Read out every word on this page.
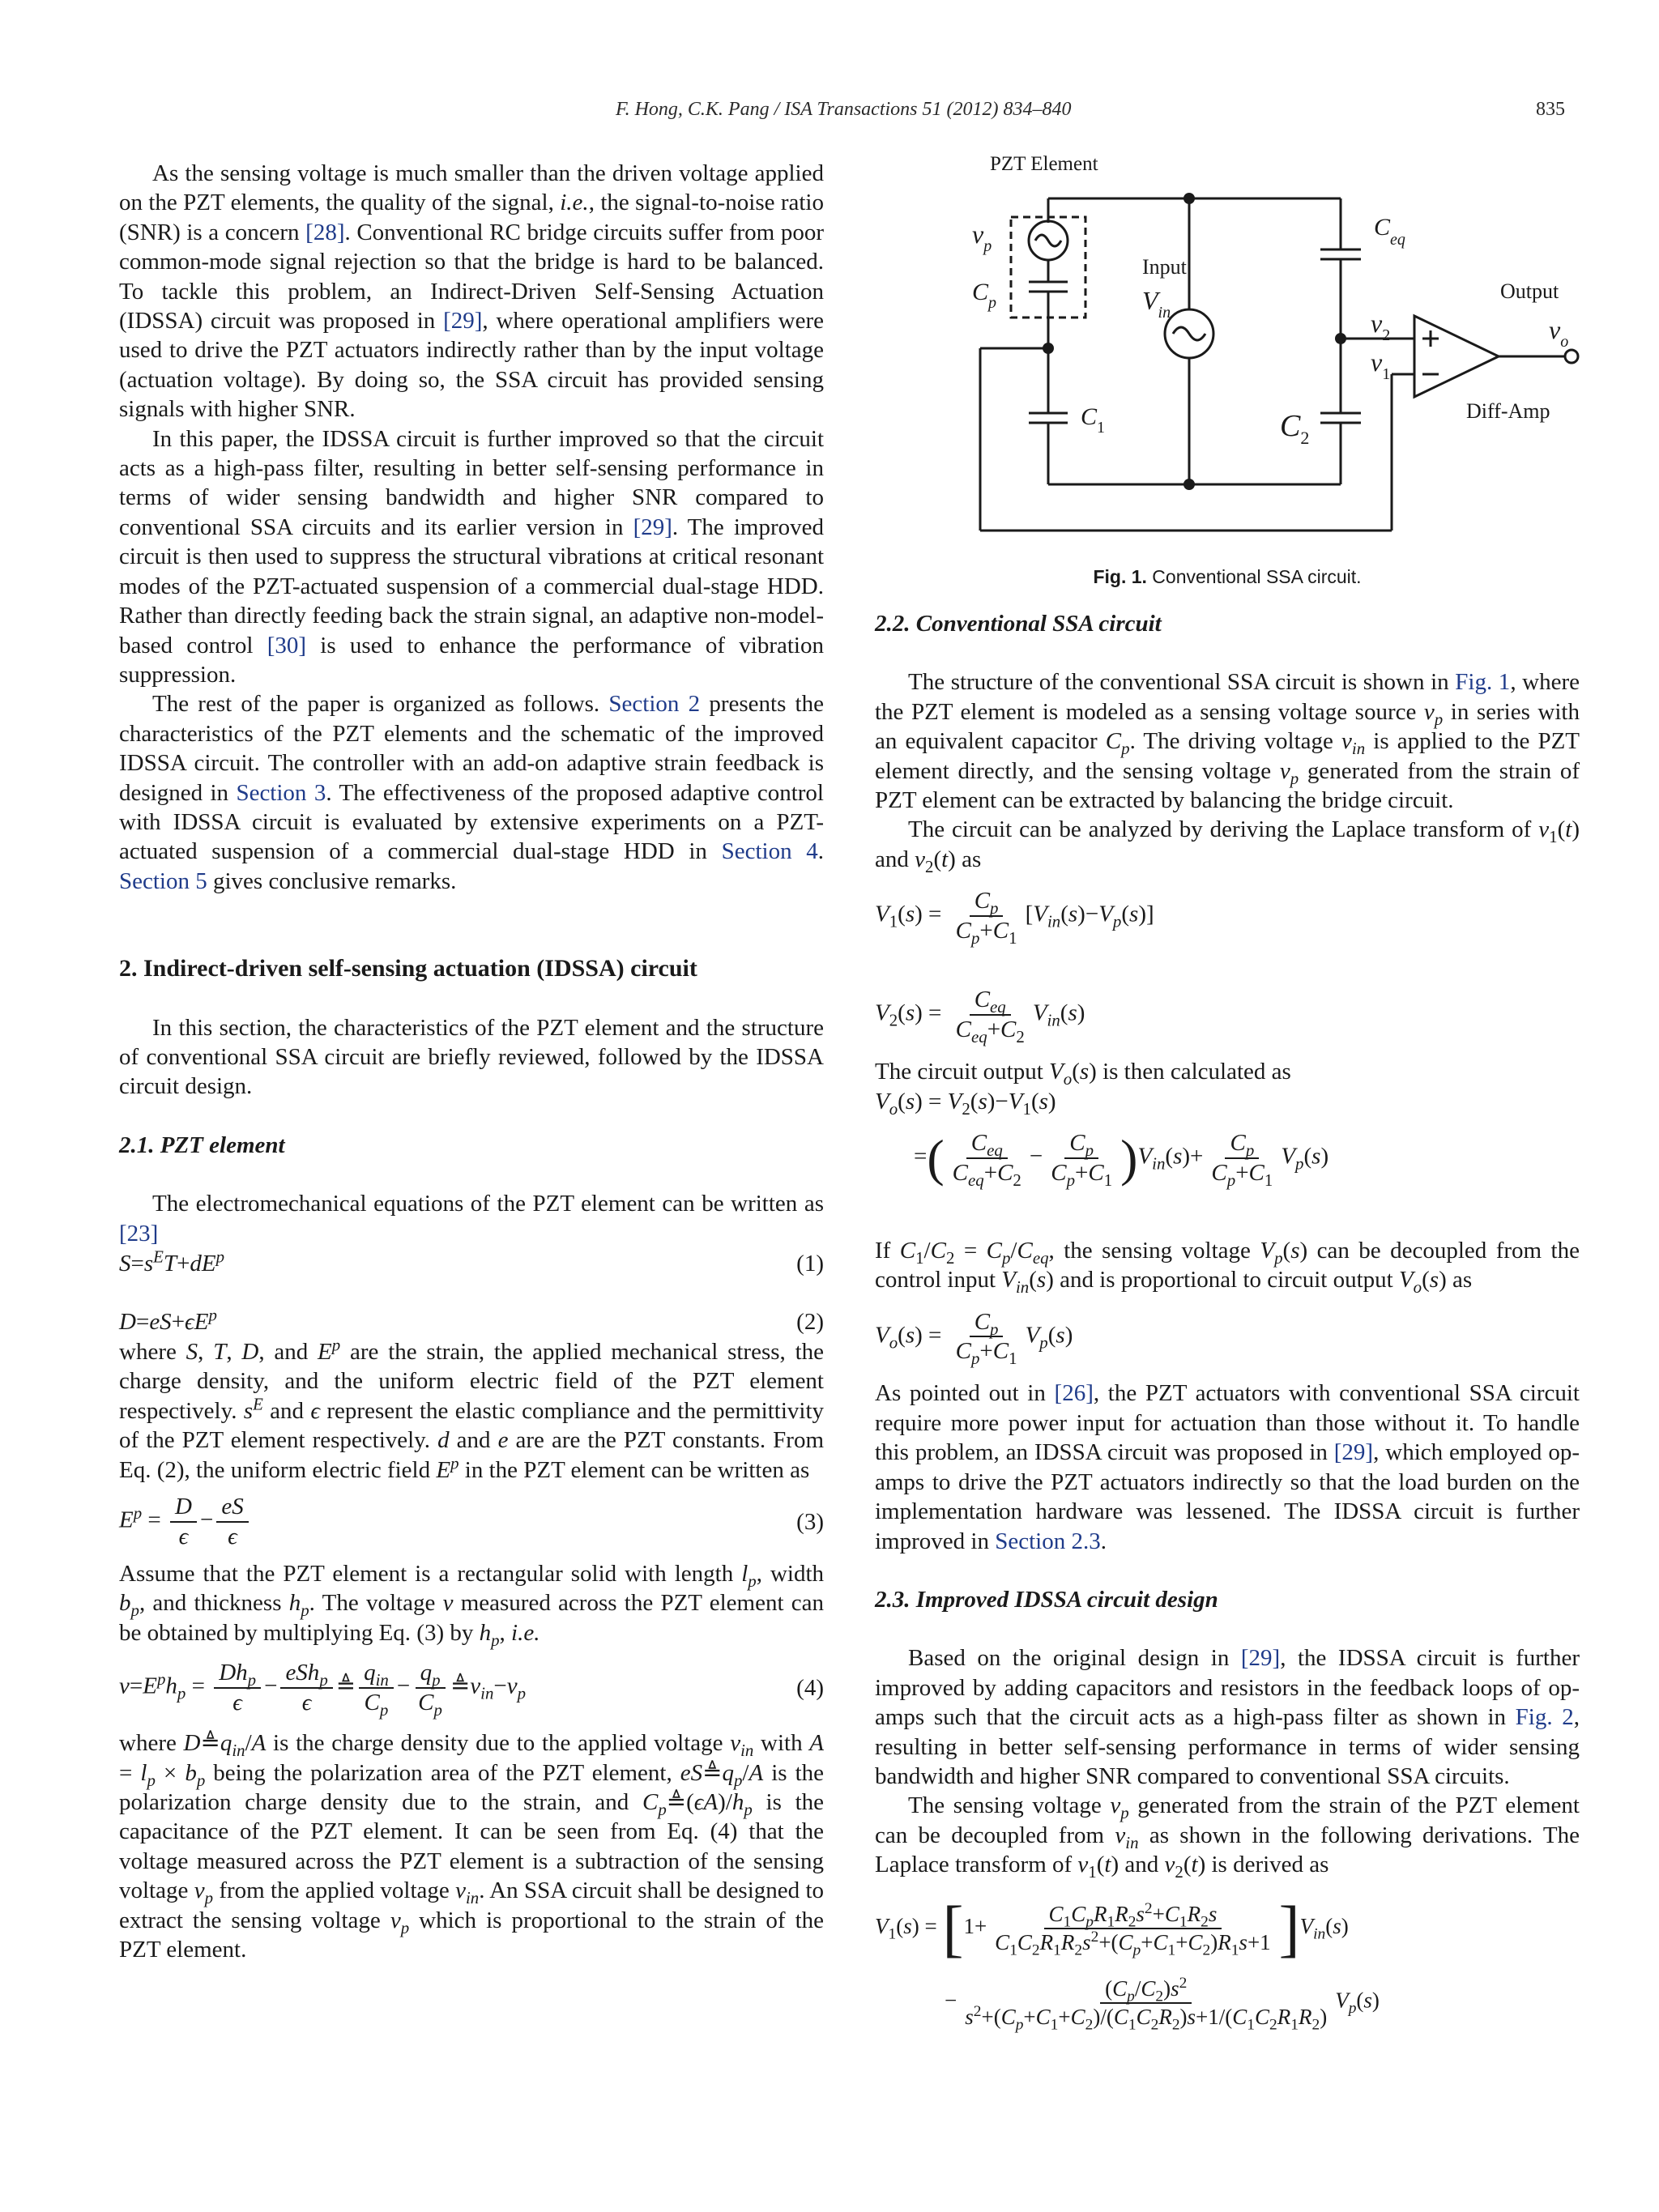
F. Hong, C.K. Pang / ISA Transactions 51 (2012) 834–840	835

As the sensing voltage is much smaller than the driven voltage applied on the PZT elements, the quality of the signal, i.e., the signal-to-noise ratio (SNR) is a concern [28]. Conventional RC bridge circuits suffer from poor common-mode signal rejection so that the bridge is hard to be balanced. To tackle this problem, an Indirect-Driven Self-Sensing Actuation (IDSSA) circuit was proposed in [29], where operational amplifiers were used to drive the PZT actuators indirectly rather than by the input voltage (actuation voltage). By doing so, the SSA circuit has provided sensing signals with higher SNR.

In this paper, the IDSSA circuit is further improved so that the circuit acts as a high-pass filter, resulting in better self-sensing performance in terms of wider sensing bandwidth and higher SNR compared to conventional SSA circuits and its earlier version in [29]. The improved circuit is then used to suppress the structural vibrations at critical resonant modes of the PZT-actuated suspension of a commercial dual-stage HDD. Rather than directly feeding back the strain signal, an adaptive non-model-based control [30] is used to enhance the performance of vibration suppression.

The rest of the paper is organized as follows. Section 2 presents the characteristics of the PZT elements and the schematic of the improved IDSSA circuit. The controller with an add-on adaptive strain feedback is designed in Section 3. The effectiveness of the proposed adaptive control with IDSSA circuit is evaluated by extensive experiments on a PZT-actuated suspension of a commercial dual-stage HDD in Section 4. Section 5 gives conclusive remarks.

2. Indirect-driven self-sensing actuation (IDSSA) circuit

In this section, the characteristics of the PZT element and the structure of conventional SSA circuit are briefly reviewed, followed by the IDSSA circuit design.

2.1. PZT element

The electromechanical equations of the PZT element can be written as [23]

$S=s^ET+dE^p$	(1)
$D=eS+\epsilon E^p$	(2)

where S, T, D, and $E^p$ are the strain, the applied mechanical stress, the charge density, and the uniform electric field of the PZT element respectively. $s^E$ and ϵ represent the elastic compliance and the permittivity of the PZT element respectively. d and e are are the PZT constants. From Eq. (2), the uniform electric field $E^p$ in the PZT element can be written as

$E^p = \frac{D}{\epsilon} - \frac{eS}{\epsilon}$	(3)

Assume that the PZT element is a rectangular solid with length $l_p$, width $b_p$, and thickness $h_p$. The voltage v measured across the PZT element can be obtained by multiplying Eq. (3) by $h_p$, i.e.

$v=E^ph_p = \frac{Dh_p}{\epsilon} - \frac{eSh_p}{\epsilon}$ ≜ $\frac{q_{in}}{C_p} - \frac{q_p}{C_p}$ $≜v_{in}-v_p$	(4)

where $D≜q_{in}/A$ is the charge density due to the applied voltage $v_{in}$ with $A = l_p \times b_p$ being the polarization area of the PZT element, $eS≜q_p/A$ is the polarization charge density due to the strain, and $C_p≜(\epsilon A)/h_p$ is the capacitance of the PZT element. It can be seen from Eq. (4) that the voltage measured across the PZT element is a subtraction of the sensing voltage $v_p$ from the applied voltage $v_{in}$. An SSA circuit shall be designed to extract the sensing voltage $v_p$ which is proportional to the strain of the PZT element.

PZT Element
Input
Output
Diff-Amp
$v_p$
$C_p$	$V_{in}$
$C_1$	$C_2$
$C_{eq}$
$v_2$
$v_1$
$v_o$
Fig. 1. Conventional SSA circuit.
2.2. Conventional SSA circuit

The structure of the conventional SSA circuit is shown in Fig. 1, where the PZT element is modeled as a sensing voltage source $v_p$ in series with an equivalent capacitor $C_p$. The driving voltage $v_{in}$ is applied to the PZT element directly, and the sensing voltage $v_p$ generated from the strain of PZT element can be extracted by balancing the bridge circuit.

The circuit can be analyzed by deriving the Laplace transform of $v_1(t)$ and $v_2(t)$ as

$V_1(s) = \frac{C_p}{C_p+C_1} [V_{in}(s)-V_p(s)]$
$V_2(s) = \frac{C_{eq}}{C_{eq}+C_2} V_{in}(s)$

The circuit output $V_o(s)$ is then calculated as

$V_o(s) = V_2(s)-V_1(s)$
=( $\frac{C_{eq}}{C_{eq}+C_2} - \frac{C_p}{C_p+C_1} )V_{in}(s)+ \frac{C_p}{C_p+C_1} V_p(s)$

If $C_1/C_2 = C_p/C_{eq}$, the sensing voltage $V_p(s)$ can be decoupled from the control input $V_{in}(s)$ and is proportional to circuit output $V_o(s)$ as

$V_o(s) = \frac{C_p}{C_p+C_1} V_p(s)$

As pointed out in [26], the PZT actuators with conventional SSA circuit require more power input for actuation than those without it. To handle this problem, an IDSSA circuit was proposed in [29], which employed op-amps to drive the PZT actuators indirectly so that the load burden on the implementation hardware was lessened. The IDSSA circuit is further improved in Section 2.3.

2.3. Improved IDSSA circuit design

Based on the original design in [29], the IDSSA circuit is further improved by adding capacitors and resistors in the feedback loops of op-amps such that the circuit acts as a high-pass filter as shown in Fig. 2, resulting in better self-sensing performance in terms of wider sensing bandwidth and higher SNR compared to conventional SSA circuits.

The sensing voltage $v_p$ generated from the strain of the PZT element can be decoupled from $v_{in}$ as shown in the following derivations. The Laplace transform of $v_1(t)$ and $v_2(t)$ is derived as

$V_1(s) = [1+ \frac{C_1C_pR_1R_2s^2+C_1R_2s}{C_1C_2R_1R_2s^2+(C_p+C_1+C_2)R_1s+1} ]V_{in}(s)$
− $\frac{(C_p/C_2)s^2}{s^2+(C_p+C_1+C_2)/(C_1C_2R_2)s+1/(C_1C_2R_1R_2)} V_p(s)$
